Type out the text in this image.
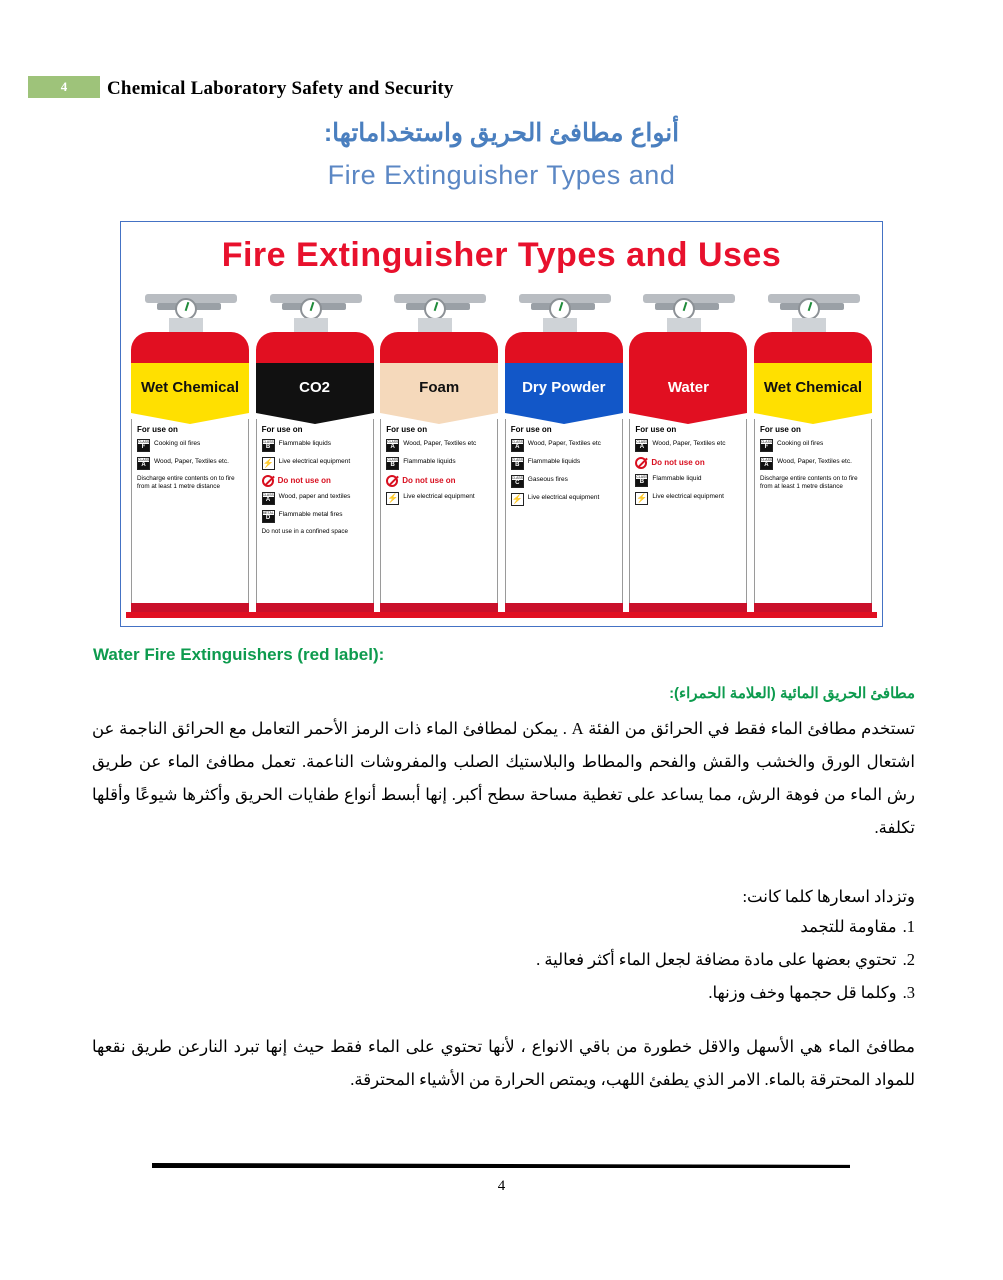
4	Chemical Laboratory Safety and Security
أنواع مطافئ الحريق واستخداماتها:
Fire Extinguisher Types and
Fire Extinguisher Types and Uses
Wet Chemical
For use on
CLASS
F	Cooking oil fires
CLASS
A	Wood, Paper, Textiles etc.
Discharge entire contents on to fire from at least 1 metre distance
CO2
For use on
CLASS
B	Flammable liquids
⚡ Live electrical equipment
Do not use on
CLASS
A	Wood, paper and textiles
METAL
D	Flammable metal fires
Do not use in a confined space
Foam
For use on
CLASS
A	Wood, Paper, Textiles etc
CLASS
B	Flammable liquids
Do not use on
⚡ Live electrical equipment
Dry Powder
For use on
CLASS
A	Wood, Paper, Textiles etc
CLASS
B	Flammable liquids
CLASS
C	Gaseous fires
⚡ Live electrical equipment
Water
For use on
CLASS
A	Wood, Paper, Textiles etc
Do not use on
CLASS
B	Flammable liquid
⚡ Live electrical equipment
Wet Chemical
For use on
CLASS
F	Cooking oil fires
CLASS
A	Wood, Paper, Textiles etc.
Discharge entire contents on to fire from at least 1 metre distance
Water Fire Extinguishers (red label):
مطافئ الحريق المائية (العلامة الحمراء):
تستخدم مطافئ الماء فقط في الحرائق من الفئة A . يمكن لمطافئ الماء ذات الرمز الأحمر التعامل مع الحرائق الناجمة عن اشتعال الورق والخشب والقش والفحم والمطاط والبلاستيك الصلب والمفروشات الناعمة. تعمل مطافئ الماء عن طريق رش الماء من فوهة الرش، مما يساعد على تغطية مساحة سطح أكبر. إنها أبسط أنواع طفايات الحريق وأكثرها شيوعًا وأقلها تكلفة.
وتزداد اسعارها كلما كانت:
1.مقاومة للتجمد
2.تحتوي بعضها على مادة مضافة لجعل الماء أكثر فعالية .
3.وكلما قل حجمها وخف وزنها.
مطافئ الماء هي الأسهل والاقل خطورة من باقي الانواع ، لأنها تحتوي على الماء فقط حيث إنها تبرد النارعن طريق نقعها للمواد المحترقة بالماء. الامر الذي يطفئ اللهب، ويمتص الحرارة من الأشياء المحترقة.
4
